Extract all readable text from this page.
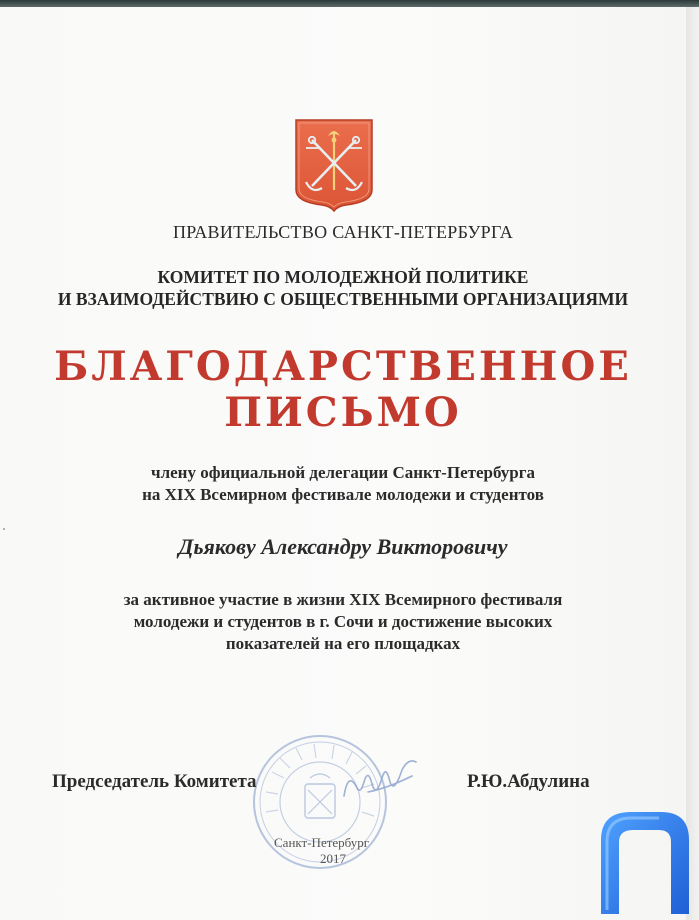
ПРАВИТЕЛЬСТВО САНКТ-ПЕТЕРБУРГА
КОМИТЕТ ПО МОЛОДЕЖНОЙ ПОЛИТИКЕ
И ВЗАИМОДЕЙСТВИЮ С ОБЩЕСТВЕННЫМИ ОРГАНИЗАЦИЯМИ
БЛАГОДАРСТВЕННОЕ
ПИСЬМО
члену официальной делегации Санкт-Петербурга
на XIX Всемирном фестивале молодежи и студентов
Дьякову Александру Викторовичу
за активное участие в жизни XIX Всемирного фестиваля
молодежи и студентов в г. Сочи и достижение высоких
показателей на его площадках
Председатель Комитета	Р.Ю.Абдулина
Санкт-Петербург
2017
